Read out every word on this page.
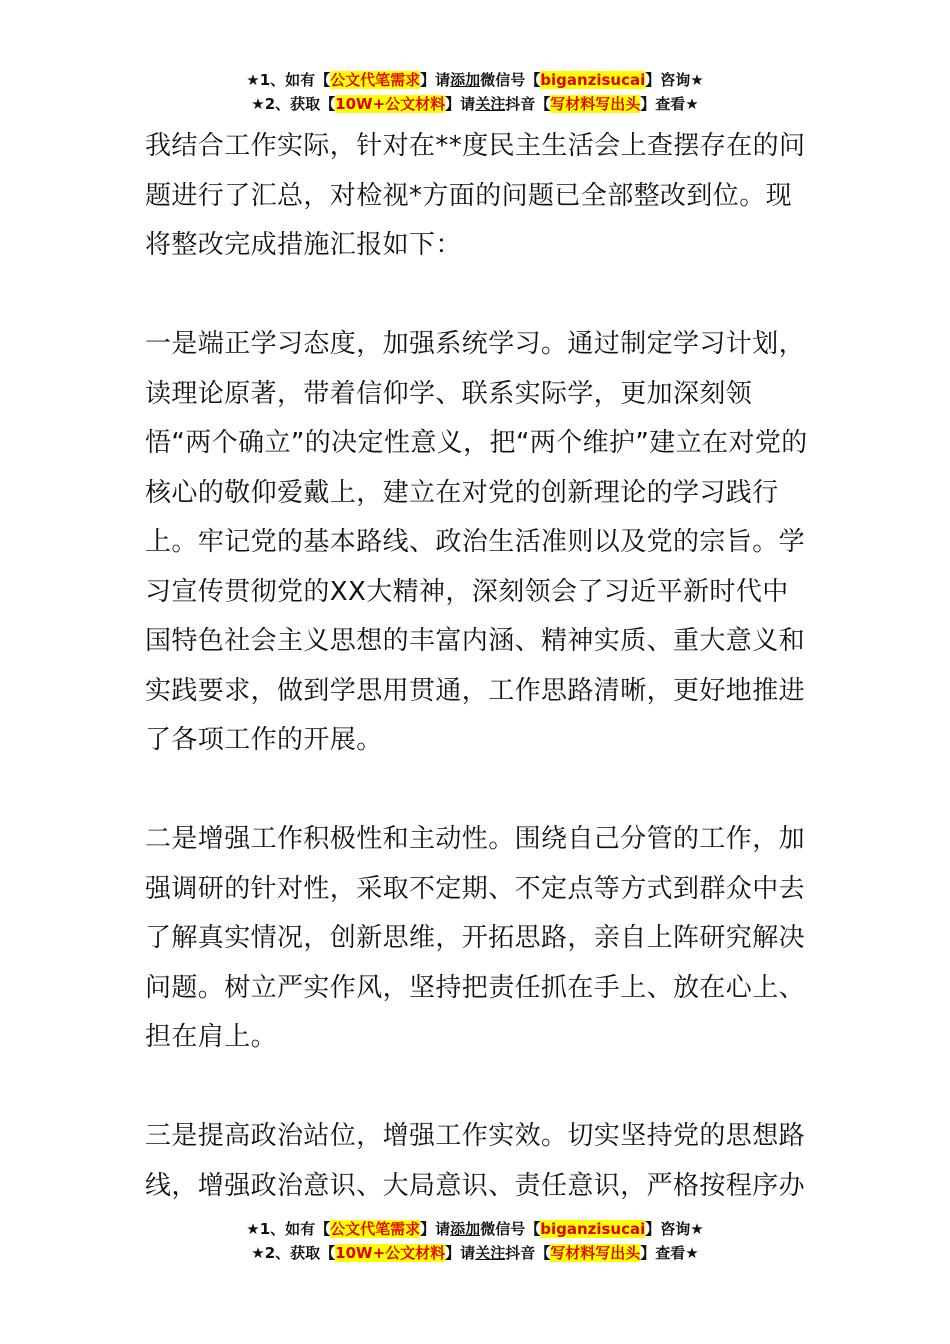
★1、如有【公文代笔需求】请添加微信号【biganzisucai】咨询★
★2、获取【10W+公文材料】请关注抖音【写材料写出头】查看★

我结合工作实际，针对在**度民主生活会上查摆存在的问题进行了汇总，对检视*方面的问题已全部整改到位。现将整改完成措施汇报如下：

一是端正学习态度，加强系统学习。通过制定学习计划，读理论原著，带着信仰学、联系实际学，更加深刻领悟“两个确立”的决定性意义，把“两个维护”建立在对党的核心的敬仰爱戴上，建立在对党的创新理论的学习践行上。牢记党的基本路线、政治生活准则以及党的宗旨。学习宣传贯彻党的XX大精神，深刻领会了习近平新时代中国特色社会主义思想的丰富内涵、精神实质、重大意义和实践要求，做到学思用贯通，工作思路清晰，更好地推进了各项工作的开展。

二是增强工作积极性和主动性。围绕自己分管的工作，加强调研的针对性，采取不定期、不定点等方式到群众中去了解真实情况，创新思维，开拓思路，亲自上阵研究解决问题。树立严实作风，坚持把责任抓在手上、放在心上、担在肩上。

三是提高政治站位，增强工作实效。切实坚持党的思想路线，增强政治意识、大局意识、责任意识，严格按程序办

★1、如有【公文代笔需求】请添加微信号【biganzisucai】咨询★
★2、获取【10W+公文材料】请关注抖音【写材料写出头】查看★
